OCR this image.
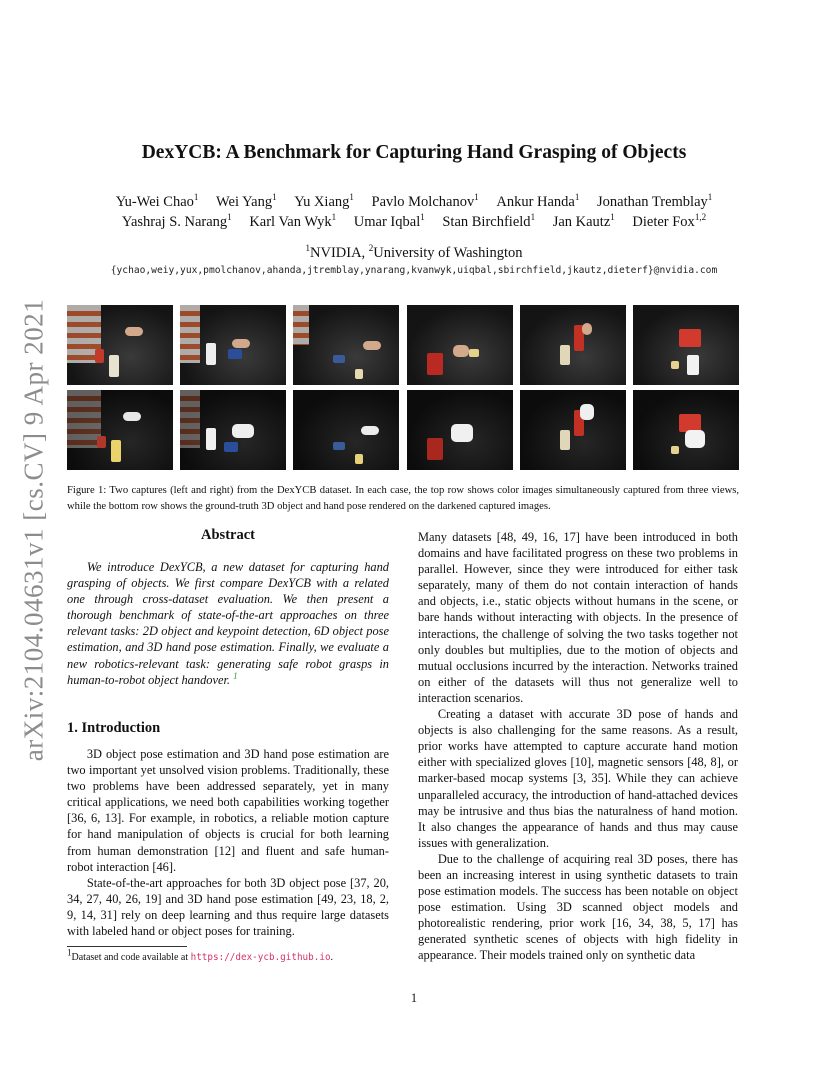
arXiv:2104.04631v1 [cs.CV] 9 Apr 2021
DexYCB: A Benchmark for Capturing Hand Grasping of Objects
Yu-Wei Chao$^1$ Wei Yang$^1$ Yu Xiang$^1$ Pavlo Molchanov$^1$ Ankur Handa$^1$ Jonathan Tremblay$^1$
Yashraj S. Narang$^1$ Karl Van Wyk$^1$ Umar Iqbal$^1$ Stan Birchfield$^1$ Jan Kautz$^1$ Dieter Fox$^{1,2}$
$^1$NVIDIA, $^2$University of Washington
{ychao,weiy,yux,pmolchanov,ahanda,jtremblay,ynarang,kvanwyk,uiqbal,sbirchfield,jkautz,dieterf}@nvidia.com
Figure 1: Two captures (left and right) from the DexYCB dataset. In each case, the top row shows color images simultaneously captured from three views, while the bottom row shows the ground-truth 3D object and hand pose rendered on the darkened captured images.
Abstract

We introduce DexYCB, a new dataset for capturing hand grasping of objects. We first compare DexYCB with a related one through cross-dataset evaluation. We then present a thorough benchmark of state-of-the-art approaches on three relevant tasks: 2D object and keypoint detection, 6D object pose estimation, and 3D hand pose estimation. Finally, we evaluate a new robotics-relevant task: generating safe robot grasps in human-to-robot object handover. $^1$

1. Introduction

3D object pose estimation and 3D hand pose estimation are two important yet unsolved vision problems. Traditionally, these two problems have been addressed separately, yet in many critical applications, we need both capabilities working together [36, 6, 13]. For example, in robotics, a reliable motion capture for hand manipulation of objects is crucial for both learning from human demonstration [12] and fluent and safe human-robot interaction [46].

State-of-the-art approaches for both 3D object pose [37, 20, 34, 27, 40, 26, 19] and 3D hand pose estimation [49, 23, 18, 2, 9, 14, 31] rely on deep learning and thus require large datasets with labeled hand or object poses for training.

$^1$Dataset and code available at https://dex-ycb.github.io.

Many datasets [48, 49, 16, 17] have been introduced in both domains and have facilitated progress on these two problems in parallel. However, since they were introduced for either task separately, many of them do not contain interaction of hands and objects, i.e., static objects without humans in the scene, or bare hands without interacting with objects. In the presence of interactions, the challenge of solving the two tasks together not only doubles but multiplies, due to the motion of objects and mutual occlusions incurred by the interaction. Networks trained on either of the datasets will thus not generalize well to interaction scenarios.

Creating a dataset with accurate 3D pose of hands and objects is also challenging for the same reasons. As a result, prior works have attempted to capture accurate hand motion either with specialized gloves [10], magnetic sensors [48, 8], or marker-based mocap systems [3, 35]. While they can achieve unparalleled accuracy, the introduction of hand-attached devices may be intrusive and thus bias the naturalness of hand motion. It also changes the appearance of hands and thus may cause issues with generalization.

Due to the challenge of acquiring real 3D poses, there has been an increasing interest in using synthetic datasets to train pose estimation models. The success has been notable on object pose estimation. Using 3D scanned object models and photorealistic rendering, prior work [16, 34, 38, 5, 17] has generated synthetic scenes of objects with high fidelity in appearance. Their models trained only on synthetic data

1
